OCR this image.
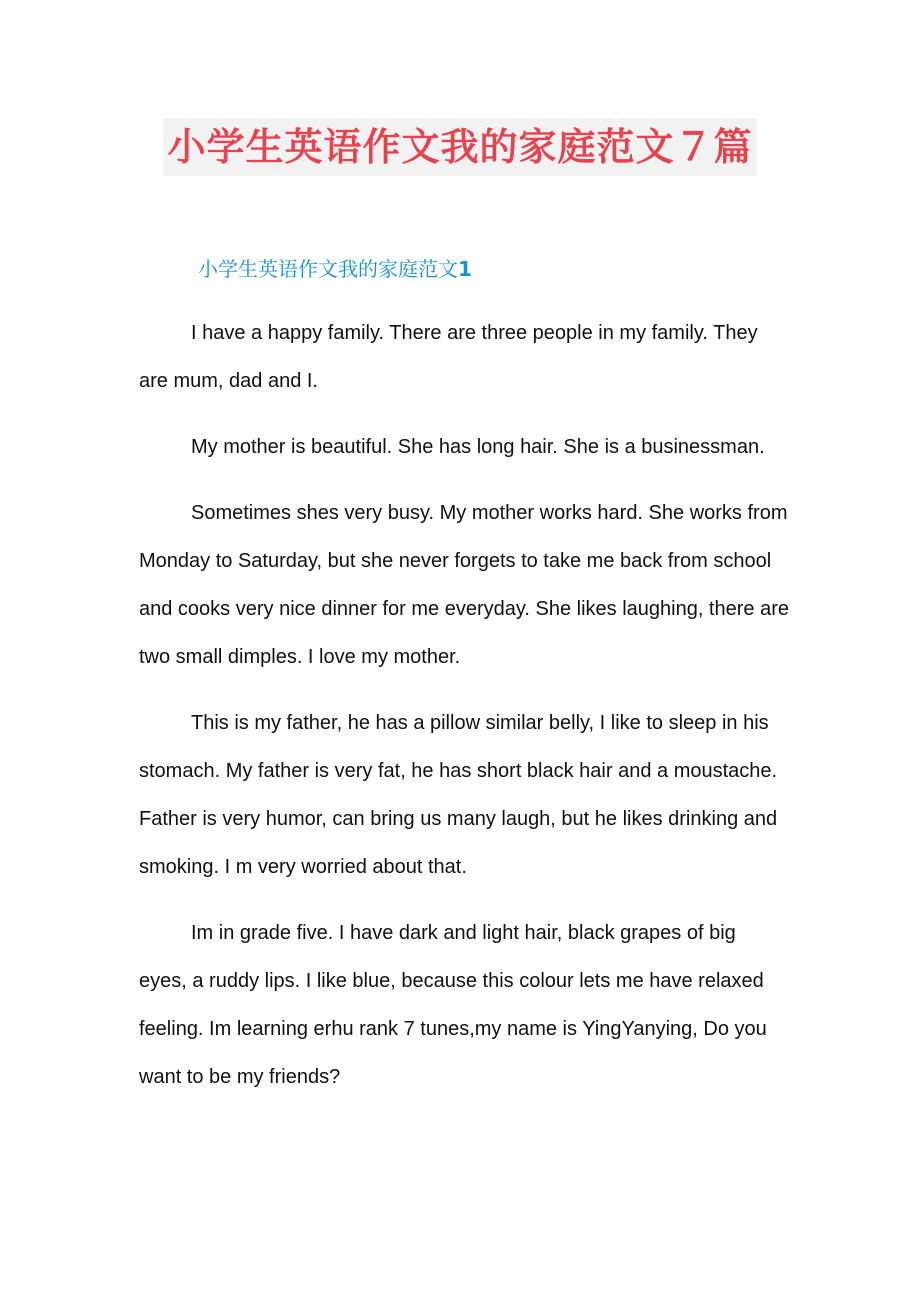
小学生英语作文我的家庭范文７篇
小学生英语作文我的家庭范文1

I have a happy family. There are three people in my family. They are mum, dad and I.

My mother is beautiful. She has long hair. She is a businessman.

Sometimes shes very busy. My mother works hard. She works from Monday to Saturday, but she never forgets to take me back from school and cooks very nice dinner for me everyday. She likes laughing, there are two small dimples. I love my mother.

This is my father, he has a pillow similar belly, I like to sleep in his stomach. My father is very fat, he has short black hair and a moustache. Father is very humor, can bring us many laugh, but he likes drinking and smoking. I m very worried about that.

Im in grade five. I have dark and light hair, black grapes of big eyes, a ruddy lips. I like blue, because this colour lets me have relaxed feeling. Im learning erhu rank 7 tunes,my name is YingYanying, Do you want to be my friends?
